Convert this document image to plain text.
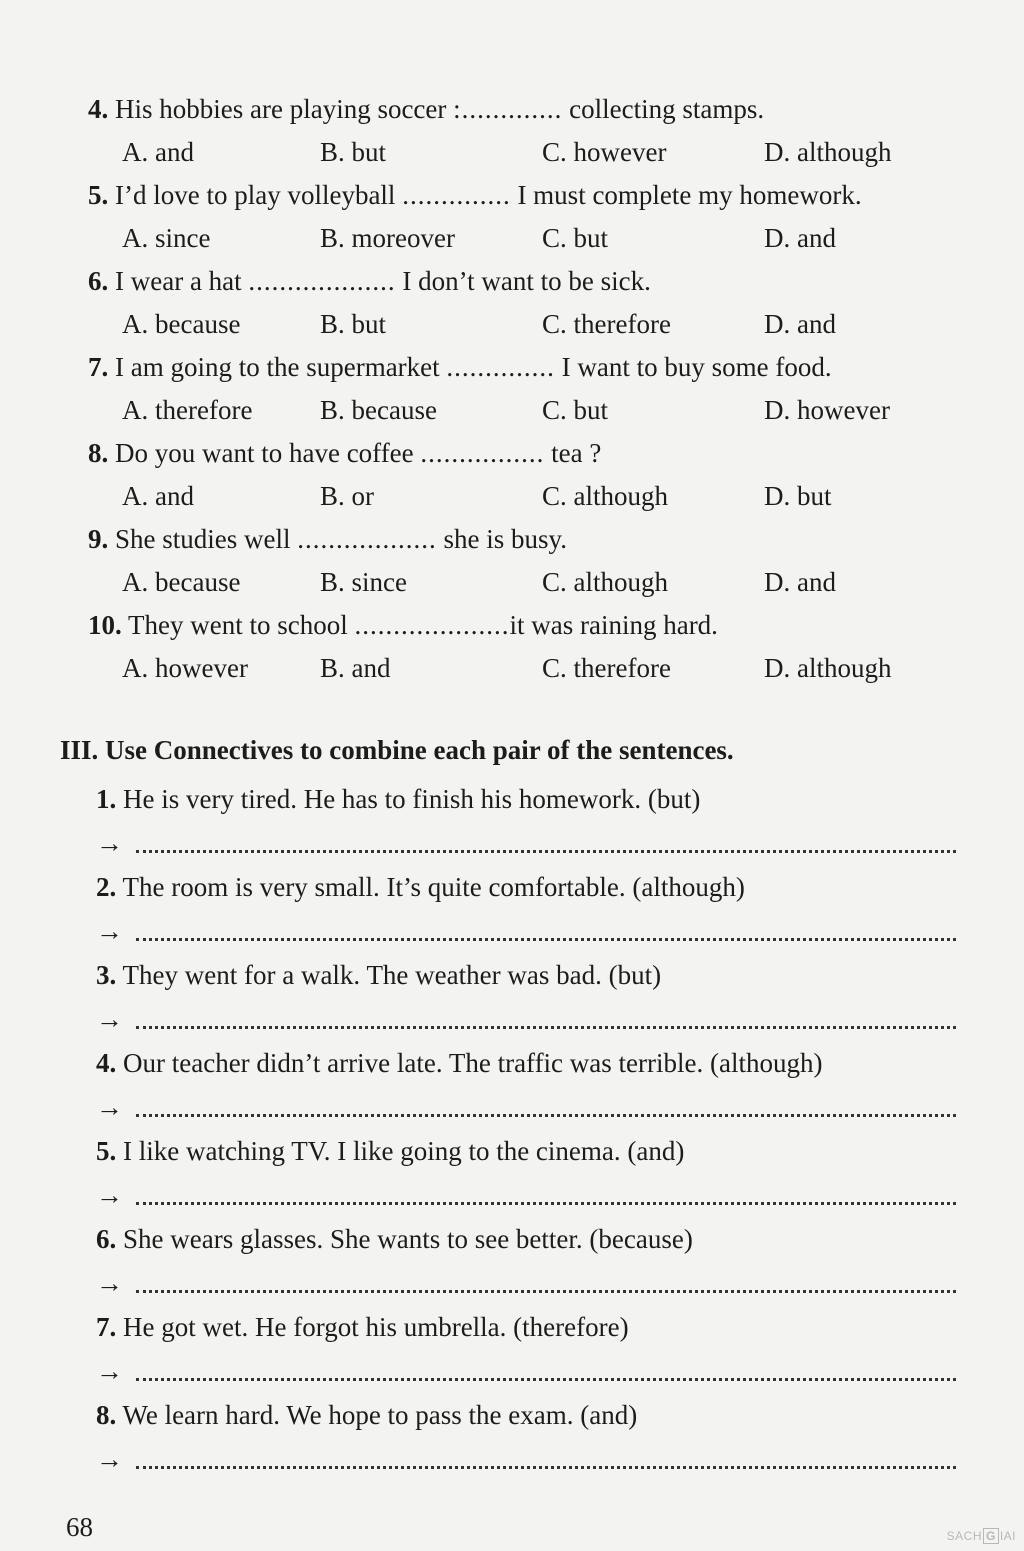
4. His hobbies are playing soccer :............. collecting stamps.
A. and	B. but	C. however	D. although
5. I’d love to play volleyball .............. I must complete my homework.
A. since	B. moreover	C. but	D. and
6. I wear a hat ................... I don’t want to be sick.
A. because	B. but	C. therefore	D. and
7. I am going to the supermarket .............. I want to buy some food.
A. therefore	B. because	C. but	D. however
8. Do you want to have coffee ................ tea ?
A. and	B. or	C. although	D. but
9. She studies well .................. she is busy.
A. because	B. since	C. although	D. and
10. They went to school ....................it was raining hard.
A. however	B. and	C. therefore	D. although
III. Use Connectives to combine each pair of the sentences.
1. He is very tired. He has to finish his homework. (but)
→
2. The room is very small. It’s quite comfortable. (although)
→
3. They went for a walk. The weather was bad. (but)
→
4. Our teacher didn’t arrive late. The traffic was terrible. (although)
→
5. I like watching TV. I like going to the cinema. (and)
→
6. She wears glasses. She wants to see better. (because)
→
7. He got wet. He forgot his umbrella. (therefore)
→
8. We learn hard. We hope to pass the exam. (and)
→
68	SACH G IAI
